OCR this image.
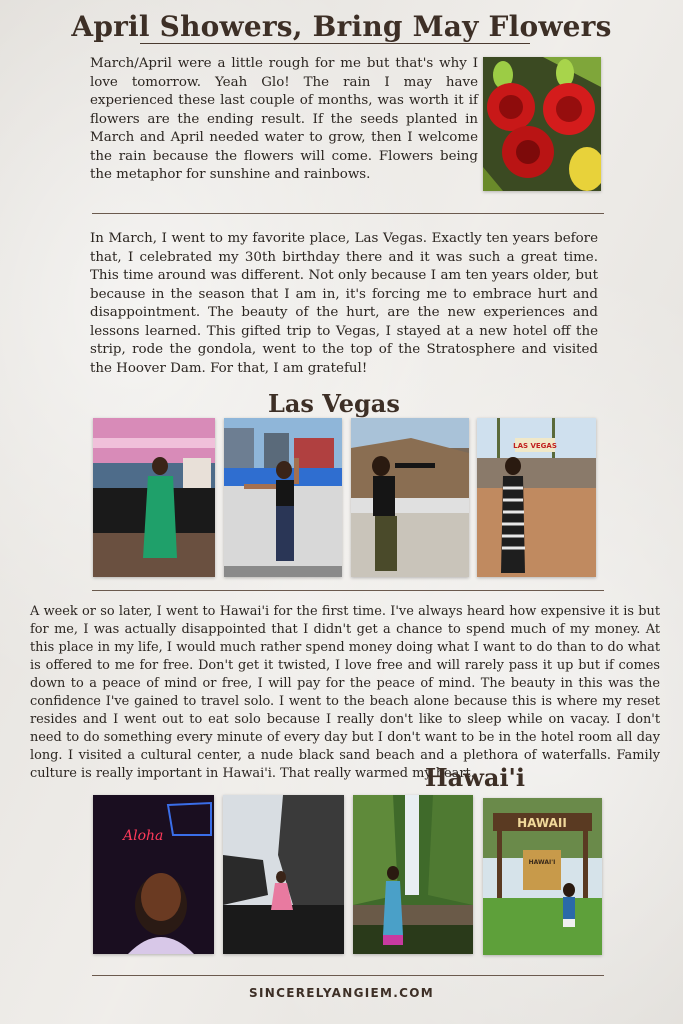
April Showers, Bring May Flowers

March/April were a little rough for me but that's why I love tomorrow. Yeah Glo! The rain I may have experienced these last couple of months, was worth it if flowers are the ending result. If the seeds planted in March and April needed water to grow, then I welcome the rain because the flowers will come. Flowers being the metaphor for sunshine and rainbows.

In March, I went to my favorite place, Las Vegas. Exactly ten years before that, I celebrated my 30th birthday there and it was such a great time. This time around was different. Not only because I am ten years older, but because in the season that I am in, it's forcing me to embrace hurt and disappointment. The beauty of the hurt, are the new experiences and lessons learned. This gifted trip to Vegas, I stayed at a new hotel off the strip, rode the gondola, went to the top of the Stratosphere and visited the Hoover Dam. For that, I am grateful!

Las Vegas
LAS VEGAS

A week or so later, I went to Hawai'i for the first time. I've always heard how expensive it is but for me, I was actually disappointed that I didn't get a chance to spend much of my money. At this place in my life, I would much rather spend money doing what I want to do than to do what is offered to me for free. Don't get it twisted, I love free and will rarely pass it up but if comes down to a peace of mind or free, I will pay for the peace of mind. The beauty in this was the confidence I've gained to travel solo. I went to the beach alone because this is where my reset resides and I went out to eat solo because I really don't like to sleep while on vacay. I don't need to do something every minute of every day but I don't want to be in the hotel room all day long. I visited a cultural center, a nude black sand beach and a plethora of waterfalls. Family culture is really important in Hawai'i. That really warmed my heart.

Hawai'i
Aloha
HAWAII
HAWAI'I
SINCERELYANGIEM.COM
